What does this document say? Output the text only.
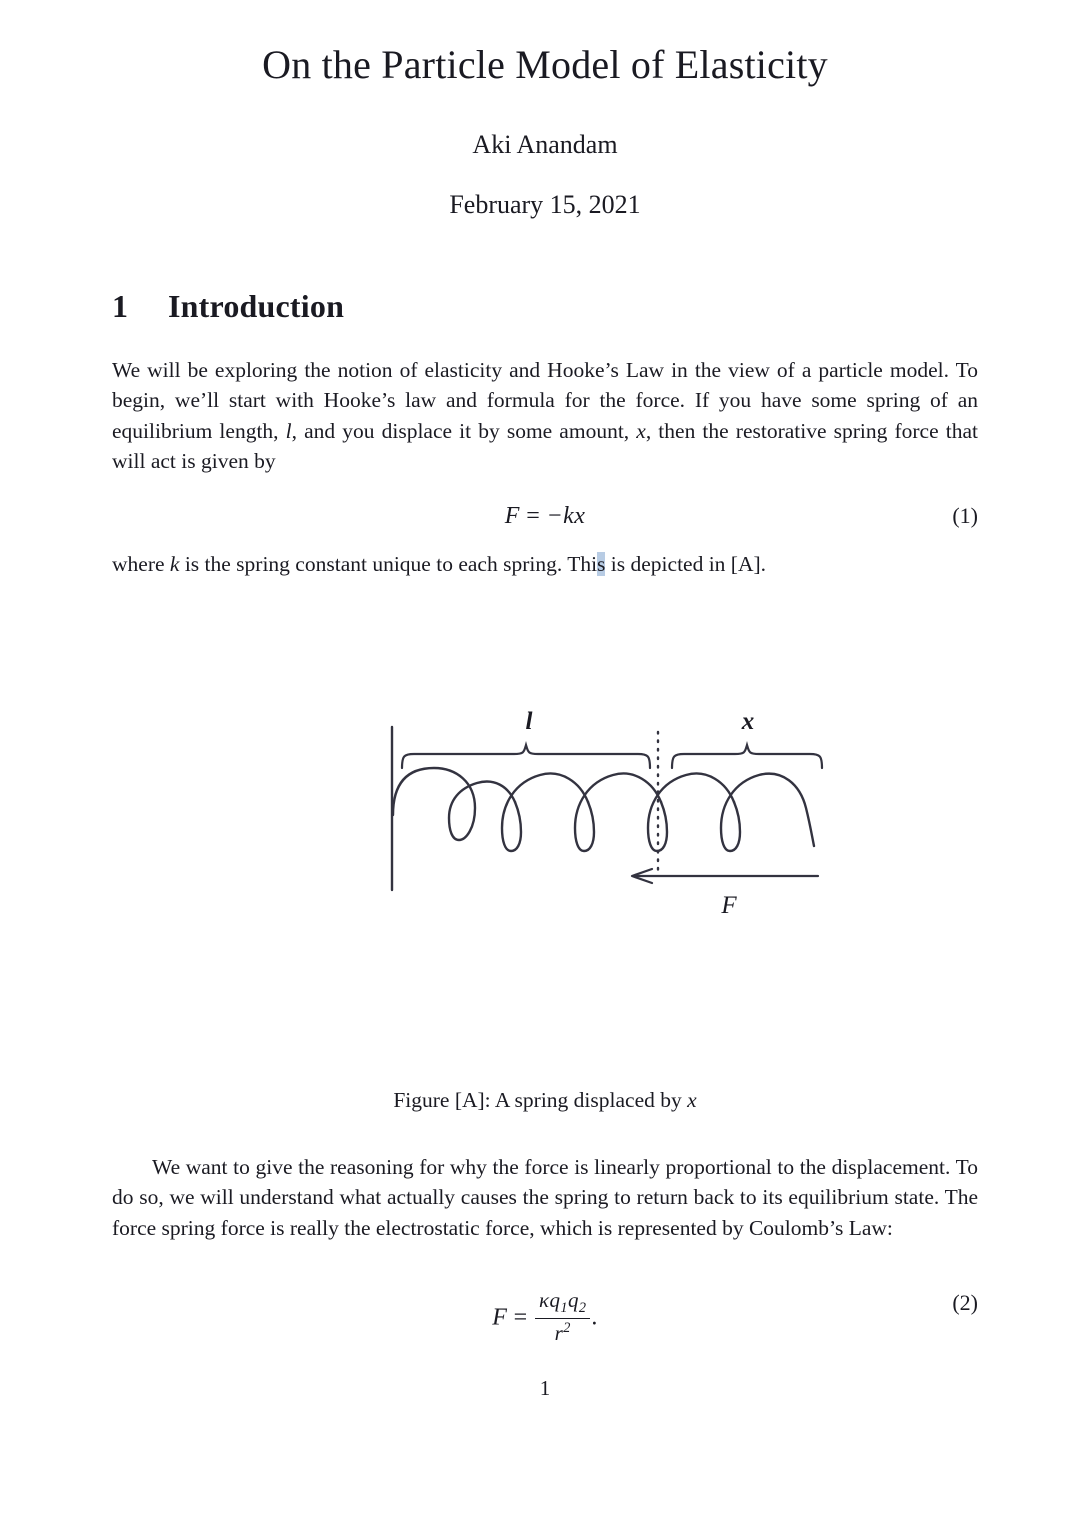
On the Particle Model of Elasticity
Aki Anandam
February 15, 2021
1 Introduction

We will be exploring the notion of elasticity and Hooke’s Law in the view of a particle model. To begin, we’ll start with Hooke’s law and formula for the force. If you have some spring of an equilibrium length, l, and you displace it by some amount, x, then the restorative spring force that will act is given by

F = −kx	(1)

where k is the spring constant unique to each spring. This is depicted in [A].

l	x
F
Figure [A]: A spring displaced by x

We want to give the reasoning for why the force is linearly proportional to the displacement. To do so, we will understand what actually causes the spring to return back to its equilibrium state. The force spring force is really the electrostatic force, which is represented by Coulomb’s Law:

$F = \frac{\kappa q_1q_2}{r^2}$ .
(2)
1
